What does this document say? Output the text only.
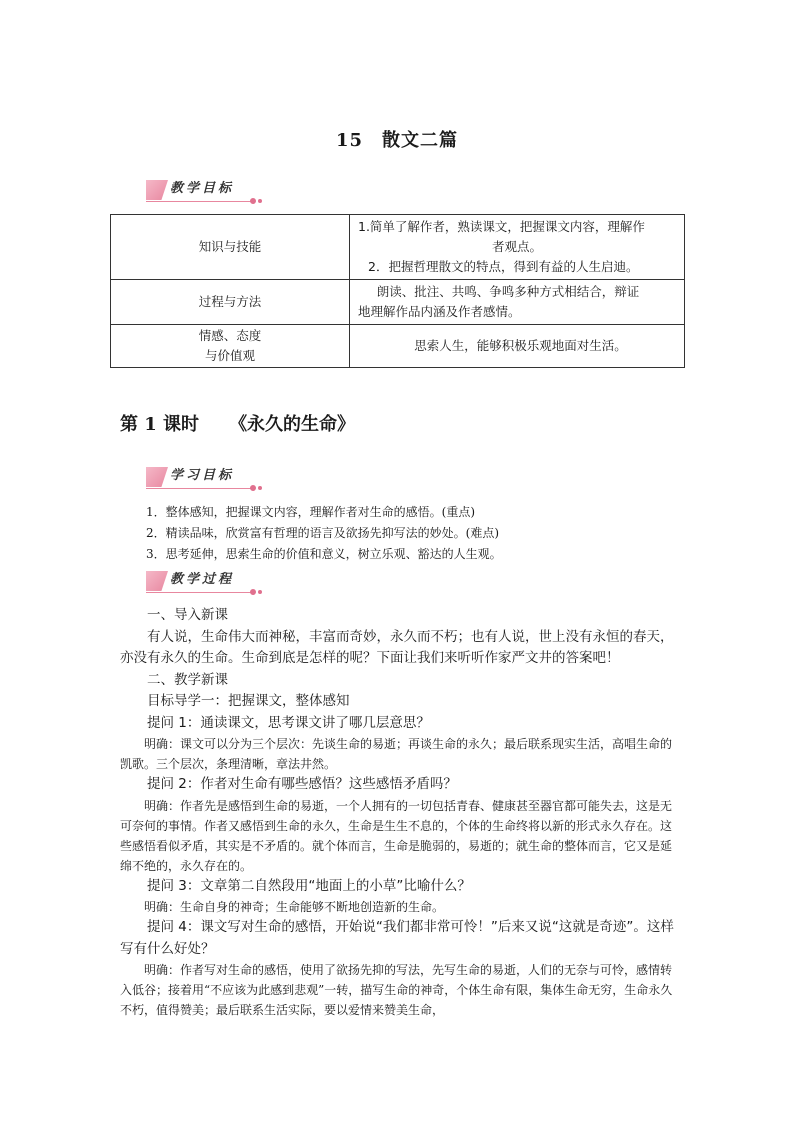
15　散文二篇
教学目标
知识与技能	1.简单了解作者，熟读课文，把握课文内容，理解作
者观点。
2．把握哲理散文的特点，得到有益的人生启迪。

过程与方法	朗读、批注、共鸣、争鸣多种方式相结合，辩证
地理解作品内涵及作者感情。

情感、态度
与价值观	思索人生，能够积极乐观地面对生活。
第 1 课时 《永久的生命》
学习目标
1．整体感知，把握课文内容，理解作者对生命的感悟。(重点)
2．精读品味，欣赏富有哲理的语言及欲扬先抑写法的妙处。(难点)
3．思考延伸，思索生命的价值和意义，树立乐观、豁达的人生观。
教学过程
一、导入新课
有人说，生命伟大而神秘，丰富而奇妙，永久而不朽；也有人说，世上没有永恒的春天，亦没有永久的生命。生命到底是怎样的呢？下面让我们来听听作家严文井的答案吧！
二、教学新课
目标导学一：把握课文，整体感知
提问 1：通读课文，思考课文讲了哪几层意思？
明确：课文可以分为三个层次：先谈生命的易逝；再谈生命的永久；最后联系现实生活，高唱生命的凯歌。三个层次，条理清晰，章法井然。
提问 2：作者对生命有哪些感悟？这些感悟矛盾吗？
明确：作者先是感悟到生命的易逝，一个人拥有的一切包括青春、健康甚至器官都可能失去，这是无可奈何的事情。作者又感悟到生命的永久，生命是生生不息的，个体的生命终将以新的形式永久存在。这些感悟看似矛盾，其实是不矛盾的。就个体而言，生命是脆弱的，易逝的；就生命的整体而言，它又是延绵不绝的，永久存在的。
提问 3：文章第二自然段用“地面上的小草”比喻什么？
明确：生命自身的神奇；生命能够不断地创造新的生命。
提问 4：课文写对生命的感悟，开始说“我们都非常可怜！”后来又说“这就是奇迹”。这样写有什么好处？
明确：作者写对生命的感悟，使用了欲扬先抑的写法，先写生命的易逝，人们的无奈与可怜，感情转入低谷；接着用“不应该为此感到悲观”一转，描写生命的神奇，个体生命有限，集体生命无穷，生命永久不朽，值得赞美；最后联系生活实际，要以爱情来赞美生命，
